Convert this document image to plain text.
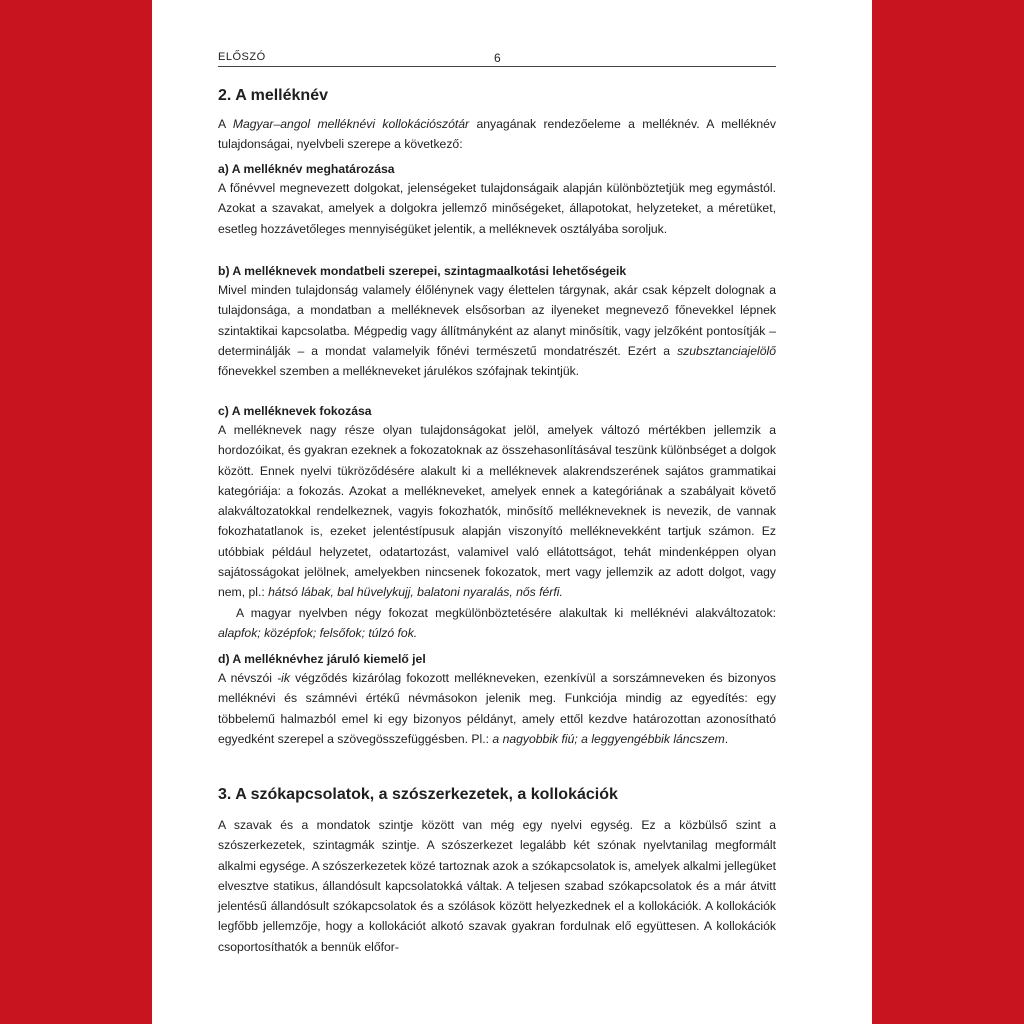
ELŐSZÓ	6
2. A melléknév

A Magyar–angol melléknévi kollokációszótár anyagának rendezőeleme a melléknév. A melléknév tulajdonságai, nyelvbeli szerepe a következő:

a) A melléknév meghatározása

A főnévvel megnevezett dolgokat, jelenségeket tulajdonságaik alapján különböztetjük meg egymástól. Azokat a szavakat, amelyek a dolgokra jellemző minőségeket, állapotokat, helyzeteket, a méretüket, esetleg hozzávetőleges mennyiségüket jelentik, a melléknevek osztályába soroljuk.

b) A melléknevek mondatbeli szerepei, szintagmaalkotási lehetőségeik

Mivel minden tulajdonság valamely élőlénynek vagy élettelen tárgynak, akár csak képzelt dolognak a tulajdonsága, a mondatban a melléknevek elsősorban az ilyeneket megnevező főnevekkel lépnek szintaktikai kapcsolatba. Mégpedig vagy állítmányként az alanyt minősítik, vagy jelzőként pontosítják – determinálják – a mondat valamelyik főnévi természetű mondatrészét. Ezért a szubsztanciajelölő főnevekkel szemben a mellékneveket járulékos szófajnak tekintjük.

c) A melléknevek fokozása

A melléknevek nagy része olyan tulajdonságokat jelöl, amelyek változó mértékben jellemzik a hordozóikat, és gyakran ezeknek a fokozatoknak az összehasonlításával teszünk különbséget a dolgok között. Ennek nyelvi tükröződésére alakult ki a melléknevek alakrendszerének sajátos grammatikai kategóriája: a fokozás. Azokat a mellékneveket, amelyek ennek a kategóriának a szabályait követő alakváltozatokkal rendelkeznek, vagyis fokozhatók, minősítő mellékneveknek is nevezik, de vannak fokozhatatlanok is, ezeket jelentéstípusuk alapján viszonyító melléknevekként tartjuk számon. Ez utóbbiak például helyzetet, odatartozást, valamivel való ellátottságot, tehát mindenképpen olyan sajátosságokat jelölnek, amelyekben nincsenek fokozatok, mert vagy jellemzik az adott dolgot, vagy nem, pl.: hátsó lábak, bal hüvelykujj, balatoni nyaralás, nős férfi.

A magyar nyelvben négy fokozat megkülönböztetésére alakultak ki melléknévi alakváltozatok: alapfok; középfok; felsőfok; túlzó fok.

d) A melléknévhez járuló kiemelő jel

A névszói -ik végződés kizárólag fokozott mellékneveken, ezenkívül a sorszámneveken és bizonyos melléknévi és számnévi értékű névmásokon jelenik meg. Funkciója mindig az egyedítés: egy többelemű halmazból emel ki egy bizonyos példányt, amely ettől kezdve határozottan azonosítható egyedként szerepel a szövegösszefüggésben. Pl.: a nagyobbik fiú; a leggyengébbik láncszem.

3. A szókapcsolatok, a szószerkezetek, a kollokációk

A szavak és a mondatok szintje között van még egy nyelvi egység. Ez a közbülső szint a szószerkezetek, szintagmák szintje. A szószerkezet legalább két szónak nyelvtanilag megformált alkalmi egysége. A szószerkezetek közé tartoznak azok a szókapcsolatok is, amelyek alkalmi jellegüket elvesztve statikus, állandósult kapcsolatokká váltak. A teljesen szabad szókapcsolatok és a már átvitt jelentésű állandósult szókapcsolatok és a szólások között helyezkednek el a kollokációk. A kollokációk legfőbb jellemzője, hogy a kollokációt alkotó szavak gyakran fordulnak elő együttesen. A kollokációk csoportosíthatók a bennük előfor-
